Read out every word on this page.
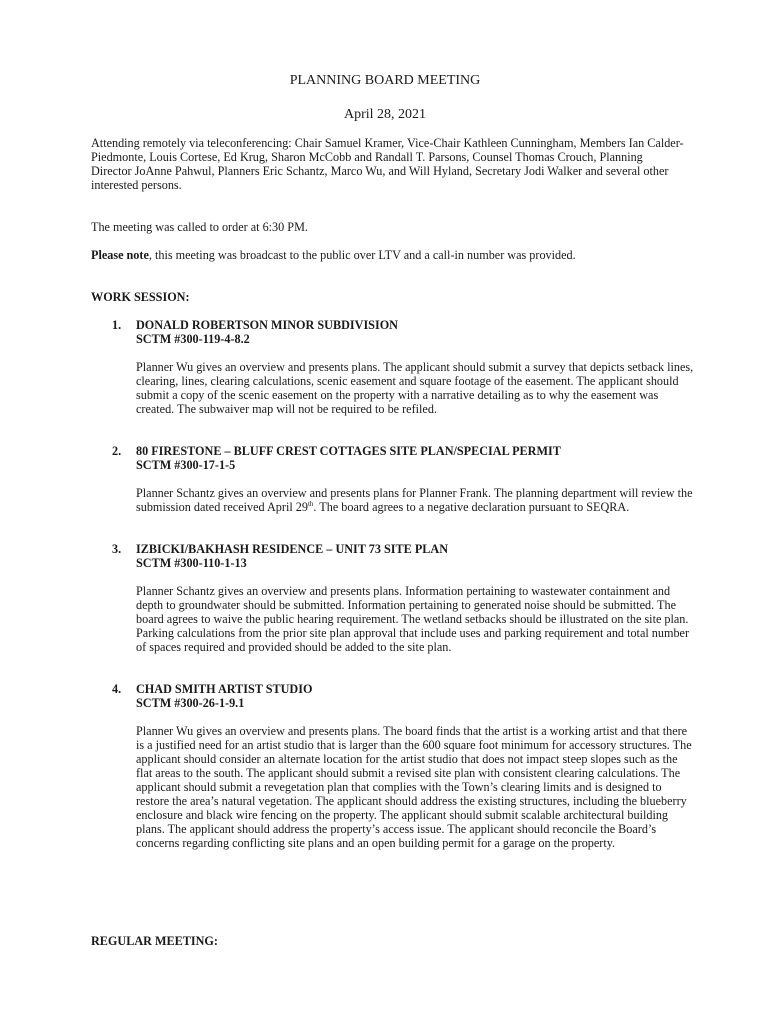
PLANNING BOARD MEETING
April 28, 2021

Attending remotely via teleconferencing: Chair Samuel Kramer, Vice-Chair Kathleen Cunningham, Members Ian Calder-Piedmonte, Louis Cortese, Ed Krug, Sharon McCobb and Randall T. Parsons, Counsel Thomas Crouch, Planning Director JoAnne Pahwul, Planners Eric Schantz, Marco Wu, and Will Hyland, Secretary Jodi Walker and several other interested persons.

The meeting was called to order at 6:30 PM.

Please note, this meeting was broadcast to the public over LTV and a call-in number was provided.

WORK SESSION:
1. DONALD ROBERTSON MINOR SUBDIVISION
SCTM #300-119-4-8.2

Planner Wu gives an overview and presents plans. The applicant should submit a survey that depicts setback lines, clearing, lines, clearing calculations, scenic easement and square footage of the easement. The applicant should submit a copy of the scenic easement on the property with a narrative detailing as to why the easement was created. The subwaiver map will not be required to be refiled.

2. 80 FIRESTONE – BLUFF CREST COTTAGES SITE PLAN/SPECIAL PERMIT
SCTM #300-17-1-5

Planner Schantz gives an overview and presents plans for Planner Frank. The planning department will review the submission dated received April 29th. The board agrees to a negative declaration pursuant to SEQRA.

3. IZBICKI/BAKHASH RESIDENCE – UNIT 73 SITE PLAN
SCTM #300-110-1-13

Planner Schantz gives an overview and presents plans. Information pertaining to wastewater containment and depth to groundwater should be submitted. Information pertaining to generated noise should be submitted. The board agrees to waive the public hearing requirement. The wetland setbacks should be illustrated on the site plan. Parking calculations from the prior site plan approval that include uses and parking requirement and total number of spaces required and provided should be added to the site plan.

4. CHAD SMITH ARTIST STUDIO
SCTM #300-26-1-9.1

Planner Wu gives an overview and presents plans. The board finds that the artist is a working artist and that there is a justified need for an artist studio that is larger than the 600 square foot minimum for accessory structures. The applicant should consider an alternate location for the artist studio that does not impact steep slopes such as the flat areas to the south. The applicant should submit a revised site plan with consistent clearing calculations. The applicant should submit a revegetation plan that complies with the Town’s clearing limits and is designed to restore the area’s natural vegetation. The applicant should address the existing structures, including the blueberry enclosure and black wire fencing on the property. The applicant should submit scalable architectural building plans. The applicant should address the property’s access issue. The applicant should reconcile the Board’s concerns regarding conflicting site plans and an open building permit for a garage on the property.

REGULAR MEETING:
